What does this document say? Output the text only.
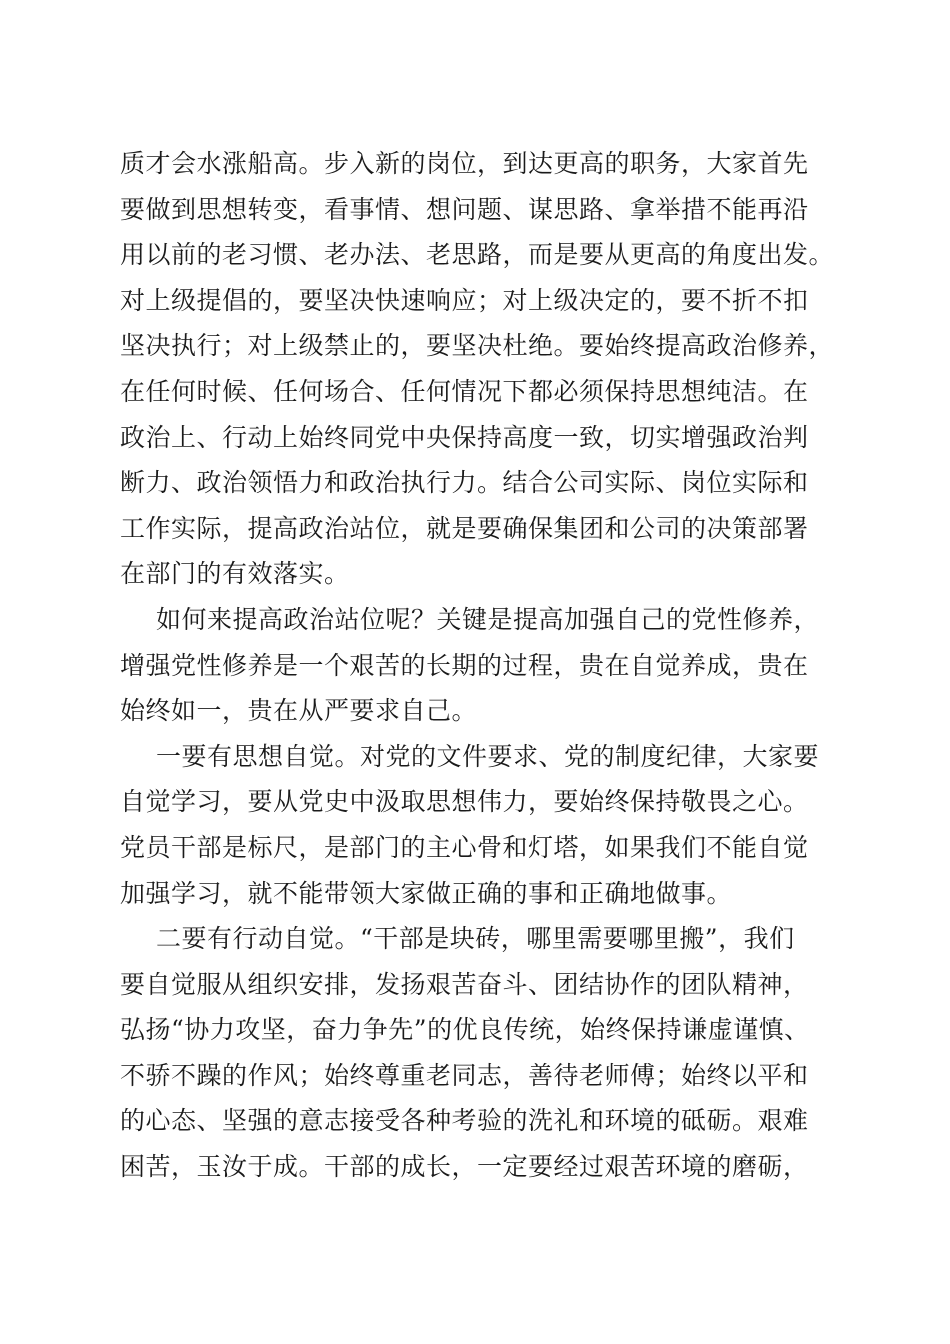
质才会水涨船高。步入新的岗位，到达更高的职务，大家首先
要做到思想转变，看事情、想问题、谋思路、拿举措不能再沿
用以前的老习惯、老办法、老思路，而是要从更高的角度出发。
对上级提倡的，要坚决快速响应；对上级决定的，要不折不扣
坚决执行；对上级禁止的，要坚决杜绝。要始终提高政治修养，
在任何时候、任何场合、任何情况下都必须保持思想纯洁。在
政治上、行动上始终同党中央保持高度一致，切实增强政治判
断力、政治领悟力和政治执行力。结合公司实际、岗位实际和
工作实际，提高政治站位，就是要确保集团和公司的决策部署
在部门的有效落实。
如何来提高政治站位呢？关键是提高加强自己的党性修养，
增强党性修养是一个艰苦的长期的过程，贵在自觉养成，贵在
始终如一，贵在从严要求自己。
一要有思想自觉。对党的文件要求、党的制度纪律，大家要
自觉学习，要从党史中汲取思想伟力，要始终保持敬畏之心。
党员干部是标尺，是部门的主心骨和灯塔，如果我们不能自觉
加强学习，就不能带领大家做正确的事和正确地做事。
二要有行动自觉。“干部是块砖，哪里需要哪里搬”，我们
要自觉服从组织安排，发扬艰苦奋斗、团结协作的团队精神，
弘扬“协力攻坚，奋力争先”的优良传统，始终保持谦虚谨慎、
不骄不躁的作风；始终尊重老同志，善待老师傅；始终以平和
的心态、坚强的意志接受各种考验的洗礼和环境的砥砺。艰难
困苦，玉汝于成。干部的成长，一定要经过艰苦环境的磨砺，
